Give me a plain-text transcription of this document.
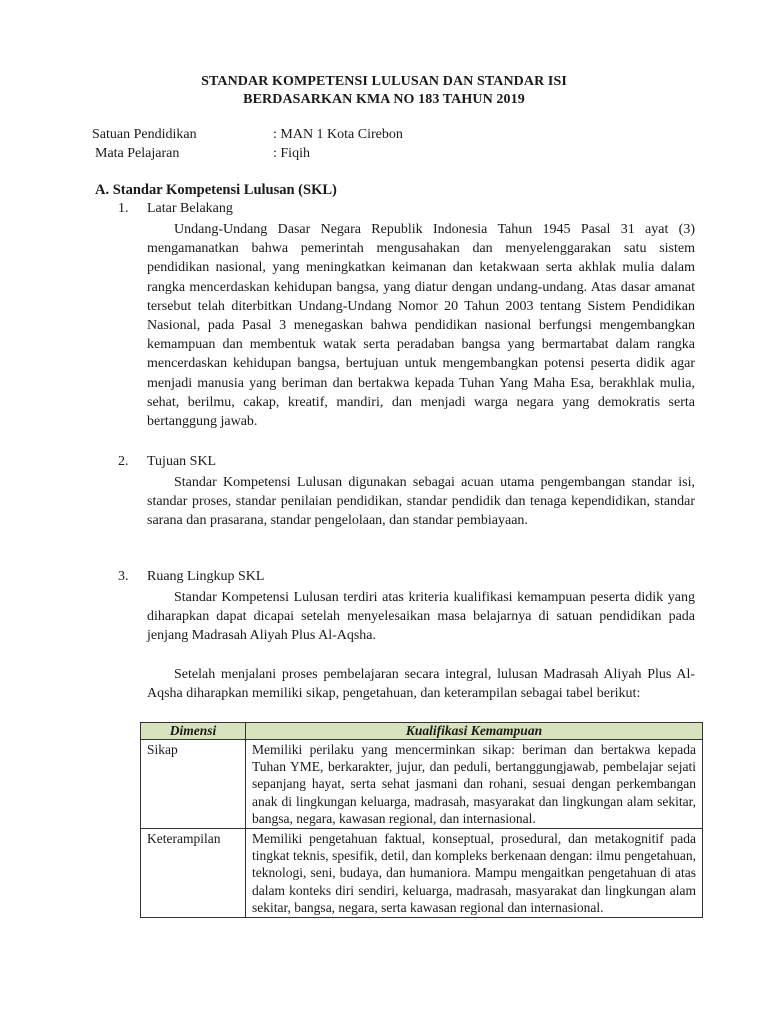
STANDAR KOMPETENSI LULUSAN DAN STANDAR ISI
BERDASARKAN KMA NO 183 TAHUN 2019
Satuan Pendidikan	: MAN 1 Kota Cirebon
Mata Pelajaran	: Fiqih
A. Standar Kompetensi Lulusan (SKL)
1. Latar Belakang

Undang-Undang Dasar Negara Republik Indonesia Tahun 1945 Pasal 31 ayat (3) mengamanatkan bahwa pemerintah mengusahakan dan menyelenggarakan satu sistem pendidikan nasional, yang meningkatkan keimanan dan ketakwaan serta akhlak mulia dalam rangka mencerdaskan kehidupan bangsa, yang diatur dengan undang-undang. Atas dasar amanat tersebut telah diterbitkan Undang-Undang Nomor 20 Tahun 2003 tentang Sistem Pendidikan Nasional, pada Pasal 3 menegaskan bahwa pendidikan nasional berfungsi mengembangkan kemampuan dan membentuk watak serta peradaban bangsa yang bermartabat dalam rangka mencerdaskan kehidupan bangsa, bertujuan untuk mengembangkan potensi peserta didik agar menjadi manusia yang beriman dan bertakwa kepada Tuhan Yang Maha Esa, berakhlak mulia, sehat, berilmu, cakap, kreatif, mandiri, dan menjadi warga negara yang demokratis serta bertanggung jawab.

2. Tujuan SKL

Standar Kompetensi Lulusan digunakan sebagai acuan utama pengembangan standar isi, standar proses, standar penilaian pendidikan, standar pendidik dan tenaga kependidikan, standar sarana dan prasarana, standar pengelolaan, dan standar pembiayaan.

3. Ruang Lingkup SKL

Standar Kompetensi Lulusan terdiri atas kriteria kualifikasi kemampuan peserta didik yang diharapkan dapat dicapai setelah menyelesaikan masa belajarnya di satuan pendidikan pada jenjang Madrasah Aliyah Plus Al-Aqsha.

Setelah menjalani proses pembelajaran secara integral, lulusan Madrasah Aliyah Plus Al-Aqsha diharapkan memiliki sikap, pengetahuan, dan keterampilan sebagai tabel berikut:

Dimensi	Kualifikasi Kemampuan
Sikap	Memiliki perilaku yang mencerminkan sikap: beriman dan bertakwa kepada Tuhan YME, berkarakter, jujur, dan peduli, bertanggungjawab, pembelajar sejati sepanjang hayat, serta sehat jasmani dan rohani, sesuai dengan perkembangan anak di lingkungan keluarga, madrasah, masyarakat dan lingkungan alam sekitar, bangsa, negara, kawasan regional, dan internasional.
Keterampilan	Memiliki pengetahuan faktual, konseptual, prosedural, dan metakognitif pada tingkat teknis, spesifik, detil, dan kompleks berkenaan dengan: ilmu pengetahuan, teknologi, seni, budaya, dan humaniora. Mampu mengaitkan pengetahuan di atas dalam konteks diri sendiri, keluarga, madrasah, masyarakat dan lingkungan alam sekitar, bangsa, negara, serta kawasan regional dan internasional.
